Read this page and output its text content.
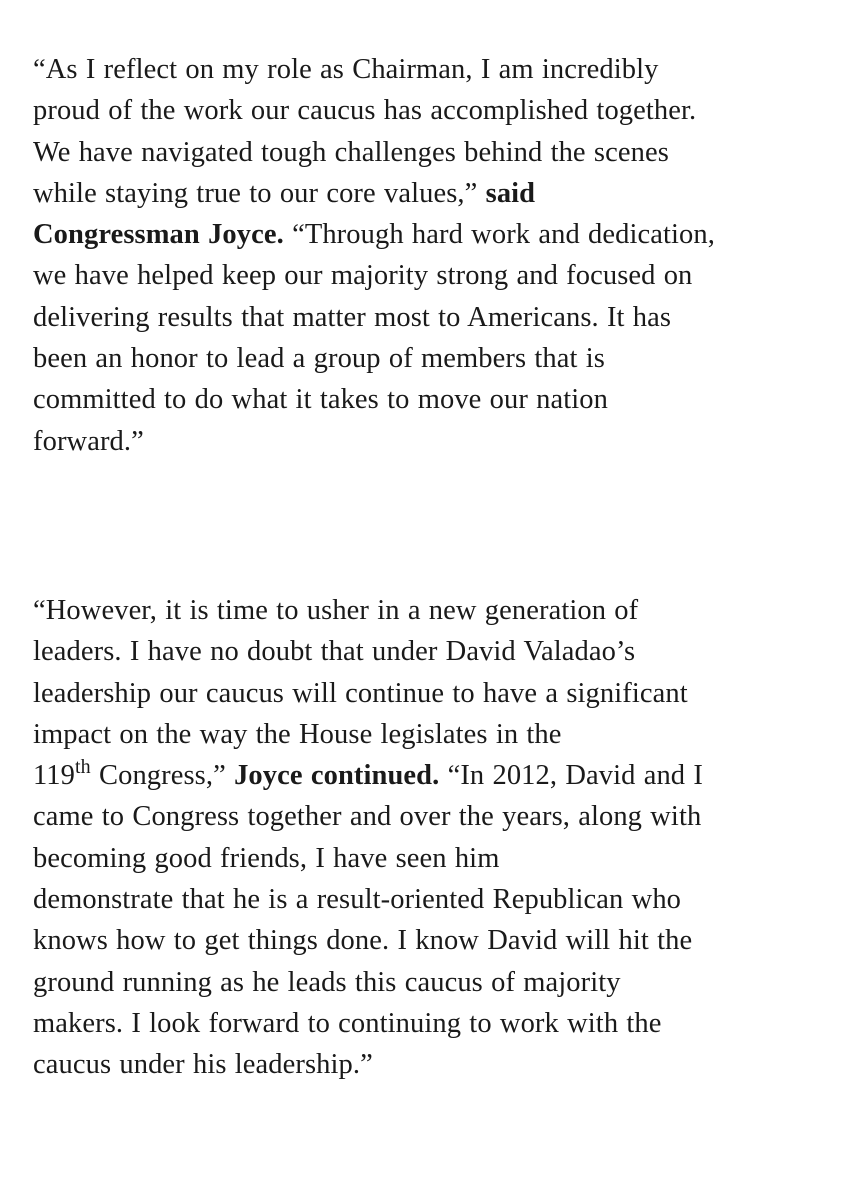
“As I reflect on my role as Chairman, I am incredibly
proud of the work our caucus has accomplished together.
We have navigated tough challenges behind the scenes
while staying true to our core values,” said
Congressman Joyce. “Through hard work and dedication,
we have helped keep our majority strong and focused on
delivering results that matter most to Americans. It has
been an honor to lead a group of members that is
committed to do what it takes to move our nation
forward.”

“However, it is time to usher in a new generation of
leaders. I have no doubt that under David Valadao’s
leadership our caucus will continue to have a significant
impact on the way the House legislates in the
119th Congress,” Joyce continued. “In 2012, David and I
came to Congress together and over the years, along with
becoming good friends, I have seen him
demonstrate that he is a result-oriented Republican who
knows how to get things done. I know David will hit the
ground running as he leads this caucus of majority
makers. I look forward to continuing to work with the
caucus under his leadership.”
